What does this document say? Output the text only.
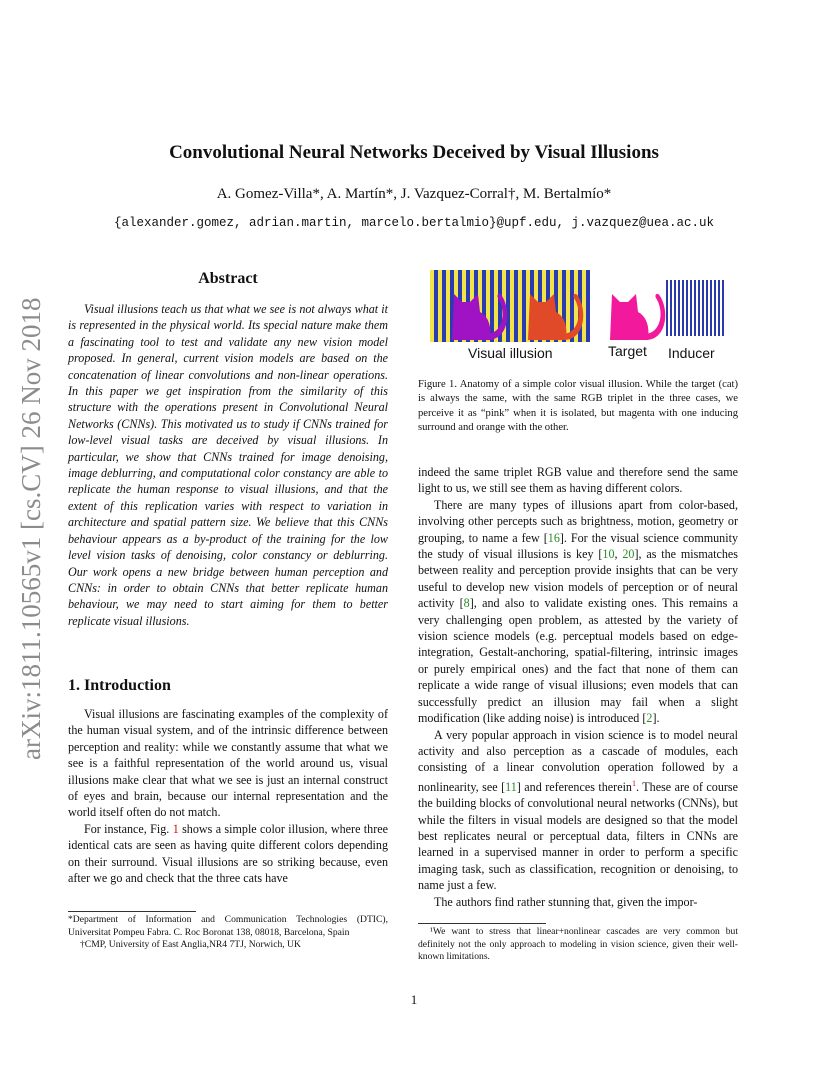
arXiv:1811.10565v1 [cs.CV] 26 Nov 2018
Convolutional Neural Networks Deceived by Visual Illusions
A. Gomez-Villa*, A. Martín*, J. Vazquez-Corral†, M. Bertalmío*
{alexander.gomez, adrian.martin, marcelo.bertalmio}@upf.edu, j.vazquez@uea.ac.uk
Abstract
Visual illusions teach us that what we see is not always what it is represented in the physical world. Its special nature make them a fascinating tool to test and validate any new vision model proposed. In general, current vision models are based on the concatenation of linear convolutions and non-linear operations. In this paper we get inspiration from the similarity of this structure with the operations present in Convolutional Neural Networks (CNNs). This motivated us to study if CNNs trained for low-level visual tasks are deceived by visual illusions. In particular, we show that CNNs trained for image denoising, image deblurring, and computational color constancy are able to replicate the human response to visual illusions, and that the extent of this replication varies with respect to variation in architecture and spatial pattern size. We believe that this CNNs behaviour appears as a by-product of the training for the low level vision tasks of denoising, color constancy or deblurring. Our work opens a new bridge between human perception and CNNs: in order to obtain CNNs that better replicate human behaviour, we may need to start aiming for them to better replicate visual illusions.
1. Introduction

Visual illusions are fascinating examples of the complexity of the human visual system, and of the intrinsic difference between perception and reality: while we constantly assume that what we see is a faithful representation of the world around us, visual illusions make clear that what we see is just an internal construct of eyes and brain, because our internal representation and the world itself often do not match.

For instance, Fig. 1 shows a simple color illusion, where three identical cats are seen as having quite different colors depending on their surround. Visual illusions are so striking because, even after we go and check that the three cats have

*Department of Information and Communication Technologies (DTIC), Universitat Pompeu Fabra. C. Roc Boronat 138, 08018, Barcelona, Spain

†CMP, University of East Anglia,NR4 7TJ, Norwich, UK

Visual illusion	Target Inducer
Figure 1. Anatomy of a simple color visual illusion. While the target (cat) is always the same, with the same RGB triplet in the three cases, we perceive it as “pink” when it is isolated, but magenta with one inducing surround and orange with the other.

indeed the same triplet RGB value and therefore send the same light to us, we still see them as having different colors.

There are many types of illusions apart from color-based, involving other percepts such as brightness, motion, geometry or grouping, to name a few [16]. For the visual science community the study of visual illusions is key [10, 20], as the mismatches between reality and perception provide insights that can be very useful to develop new vision models of perception or of neural activity [8], and also to validate existing ones. This remains a very challenging open problem, as attested by the variety of vision science models (e.g. perceptual models based on edge-integration, Gestalt-anchoring, spatial-filtering, intrinsic images or purely empirical ones) and the fact that none of them can replicate a wide range of visual illusions; even models that can successfully predict an illusion may fail when a slight modification (like adding noise) is introduced [2].

A very popular approach in vision science is to model neural activity and also perception as a cascade of modules, each consisting of a linear convolution operation followed by a nonlinearity, see [11] and references therein$^1$. These are of course the building blocks of convolutional neural networks (CNNs), but while the filters in visual models are designed so that the model best replicates neural or perceptual data, filters in CNNs are learned in a supervised manner in order to perform a specific imaging task, such as classification, recognition or denoising, to name just a few.

The authors find rather stunning that, given the impor-

¹We want to stress that linear+nonlinear cascades are very common but definitely not the only approach to modeling in vision science, given their well-known limitations.
1
